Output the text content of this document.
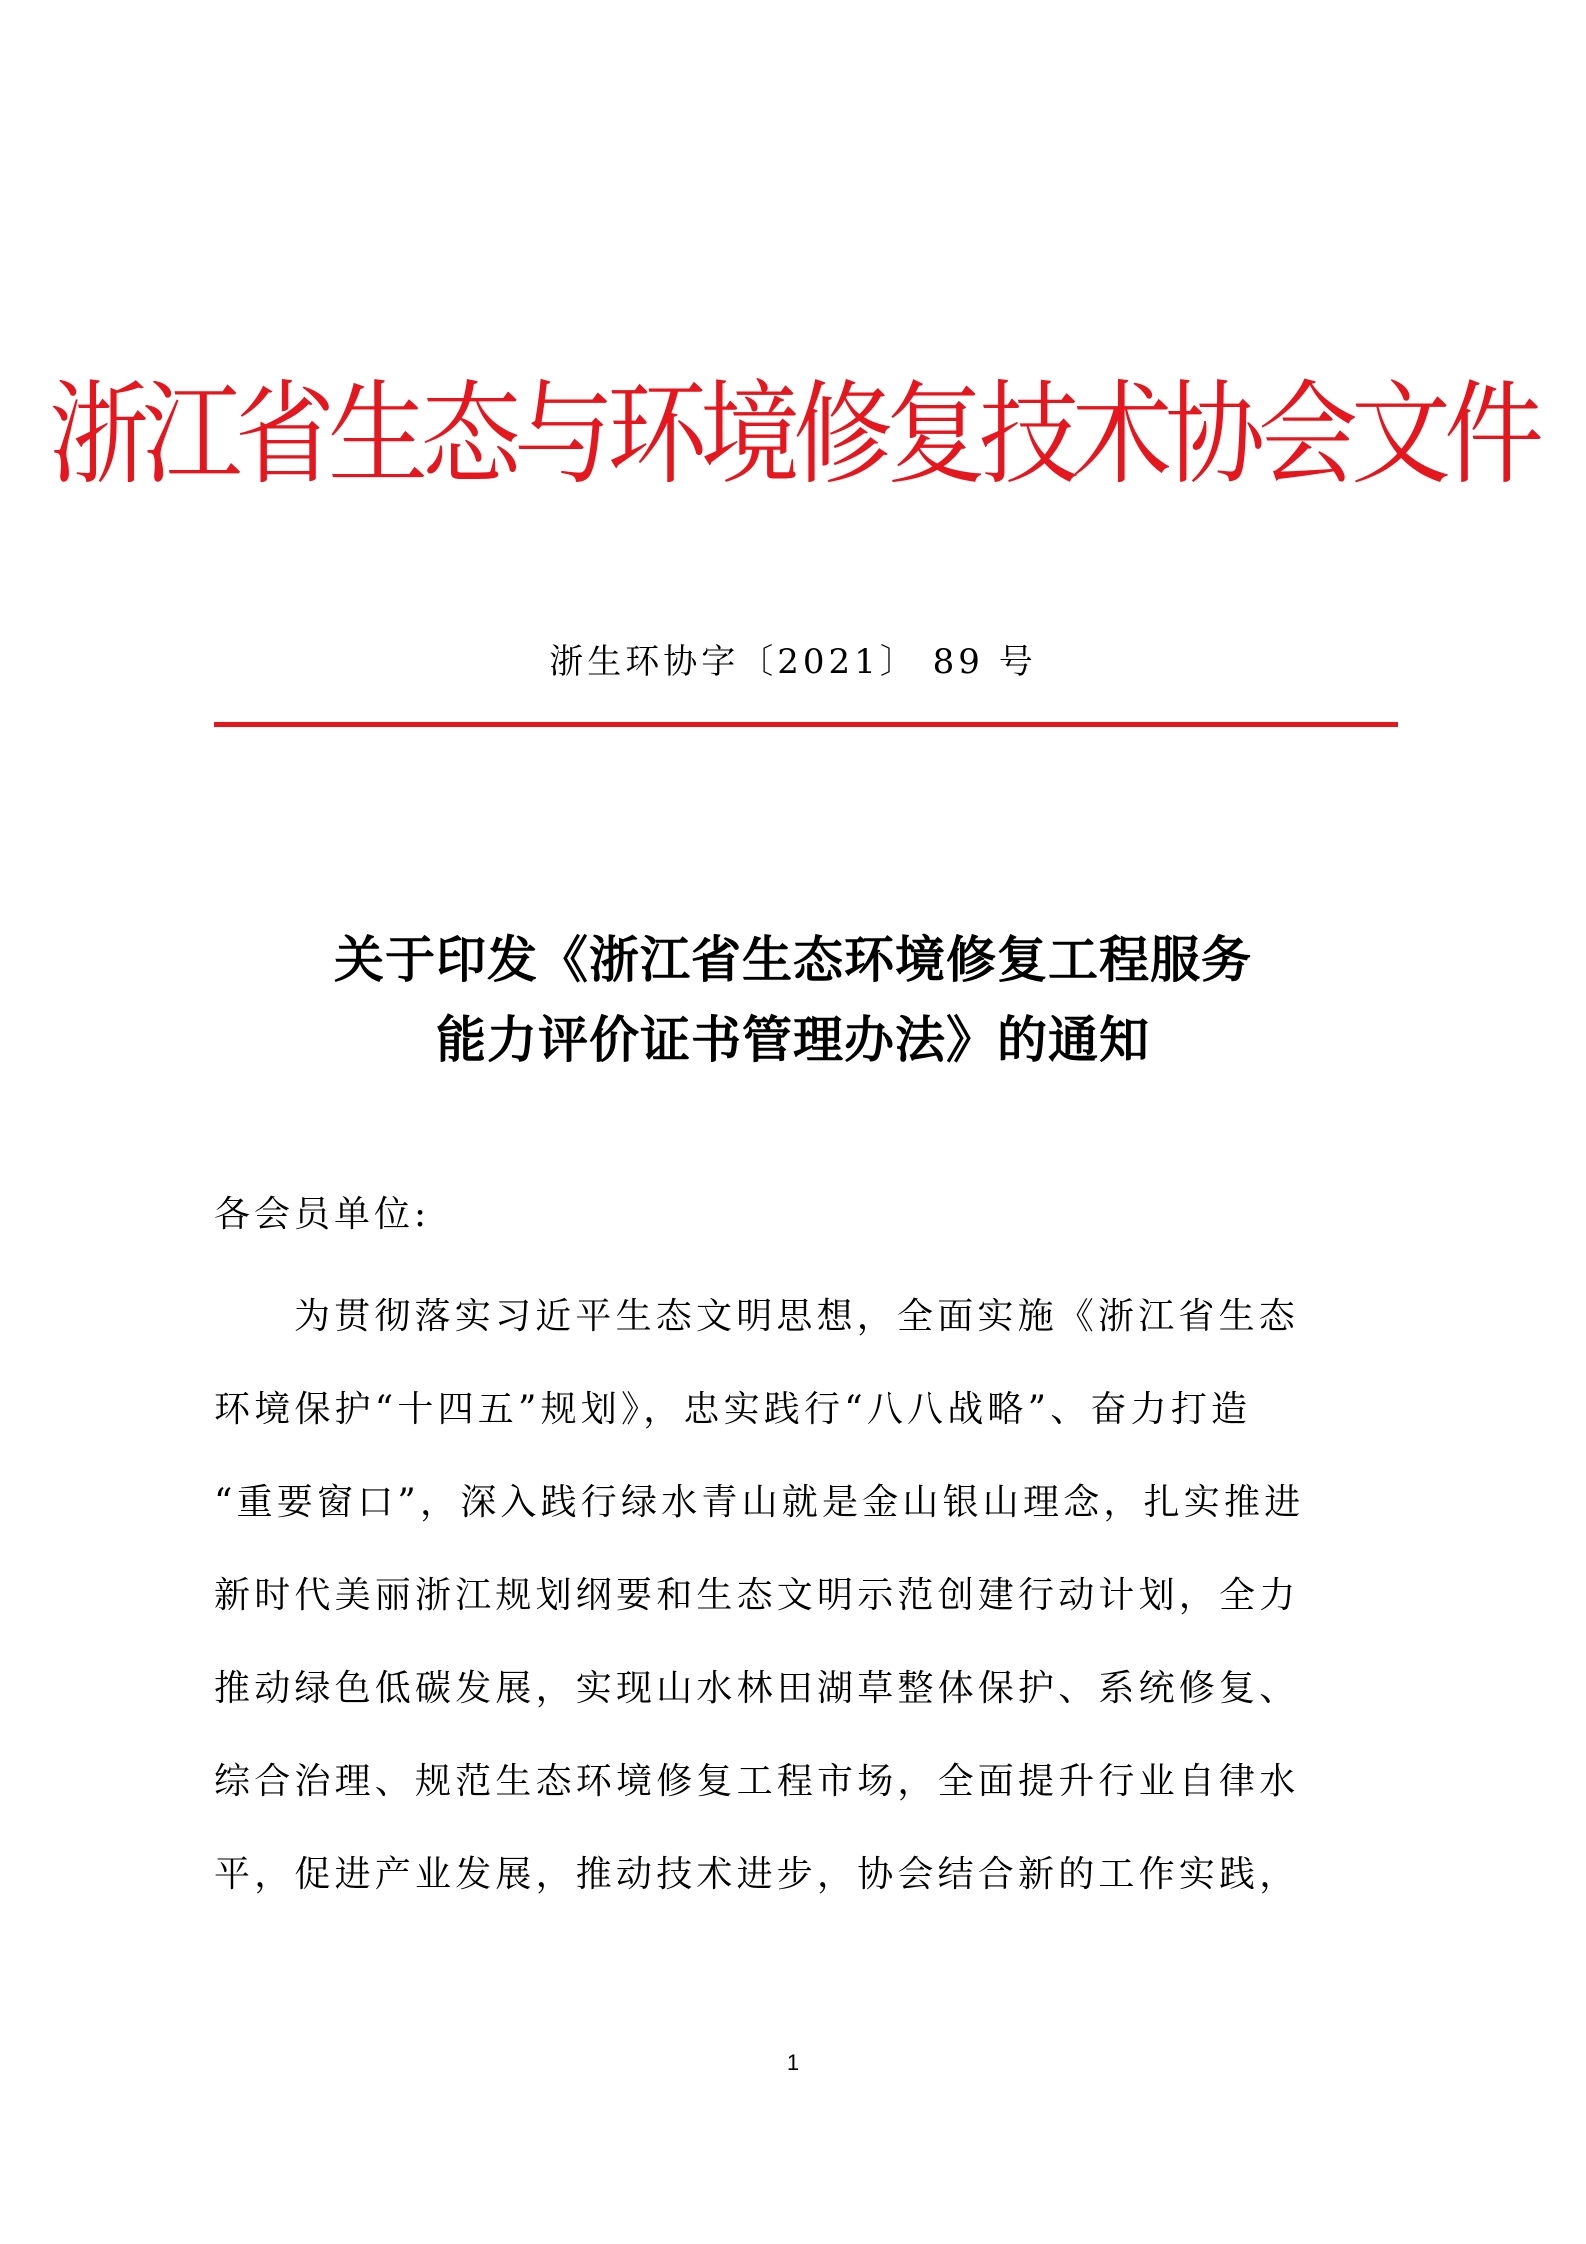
浙江省生态与环境修复技术协会文件
浙生环协字〔2021〕 89 号
关于印发《浙江省生态环境修复工程服务
能力评价证书管理办法》的通知
各会员单位:
为贯彻落实习近平生态文明思想，全面实施《浙江省生态
环境保护“十四五”规划》，忠实践行“八八战略”、奋力打造
“重要窗口”，深入践行绿水青山就是金山银山理念，扎实推进
新时代美丽浙江规划纲要和生态文明示范创建行动计划，全力
推动绿色低碳发展，实现山水林田湖草整体保护、系统修复、
综合治理、规范生态环境修复工程市场，全面提升行业自律水
平，促进产业发展，推动技术进步，协会结合新的工作实践，
1
